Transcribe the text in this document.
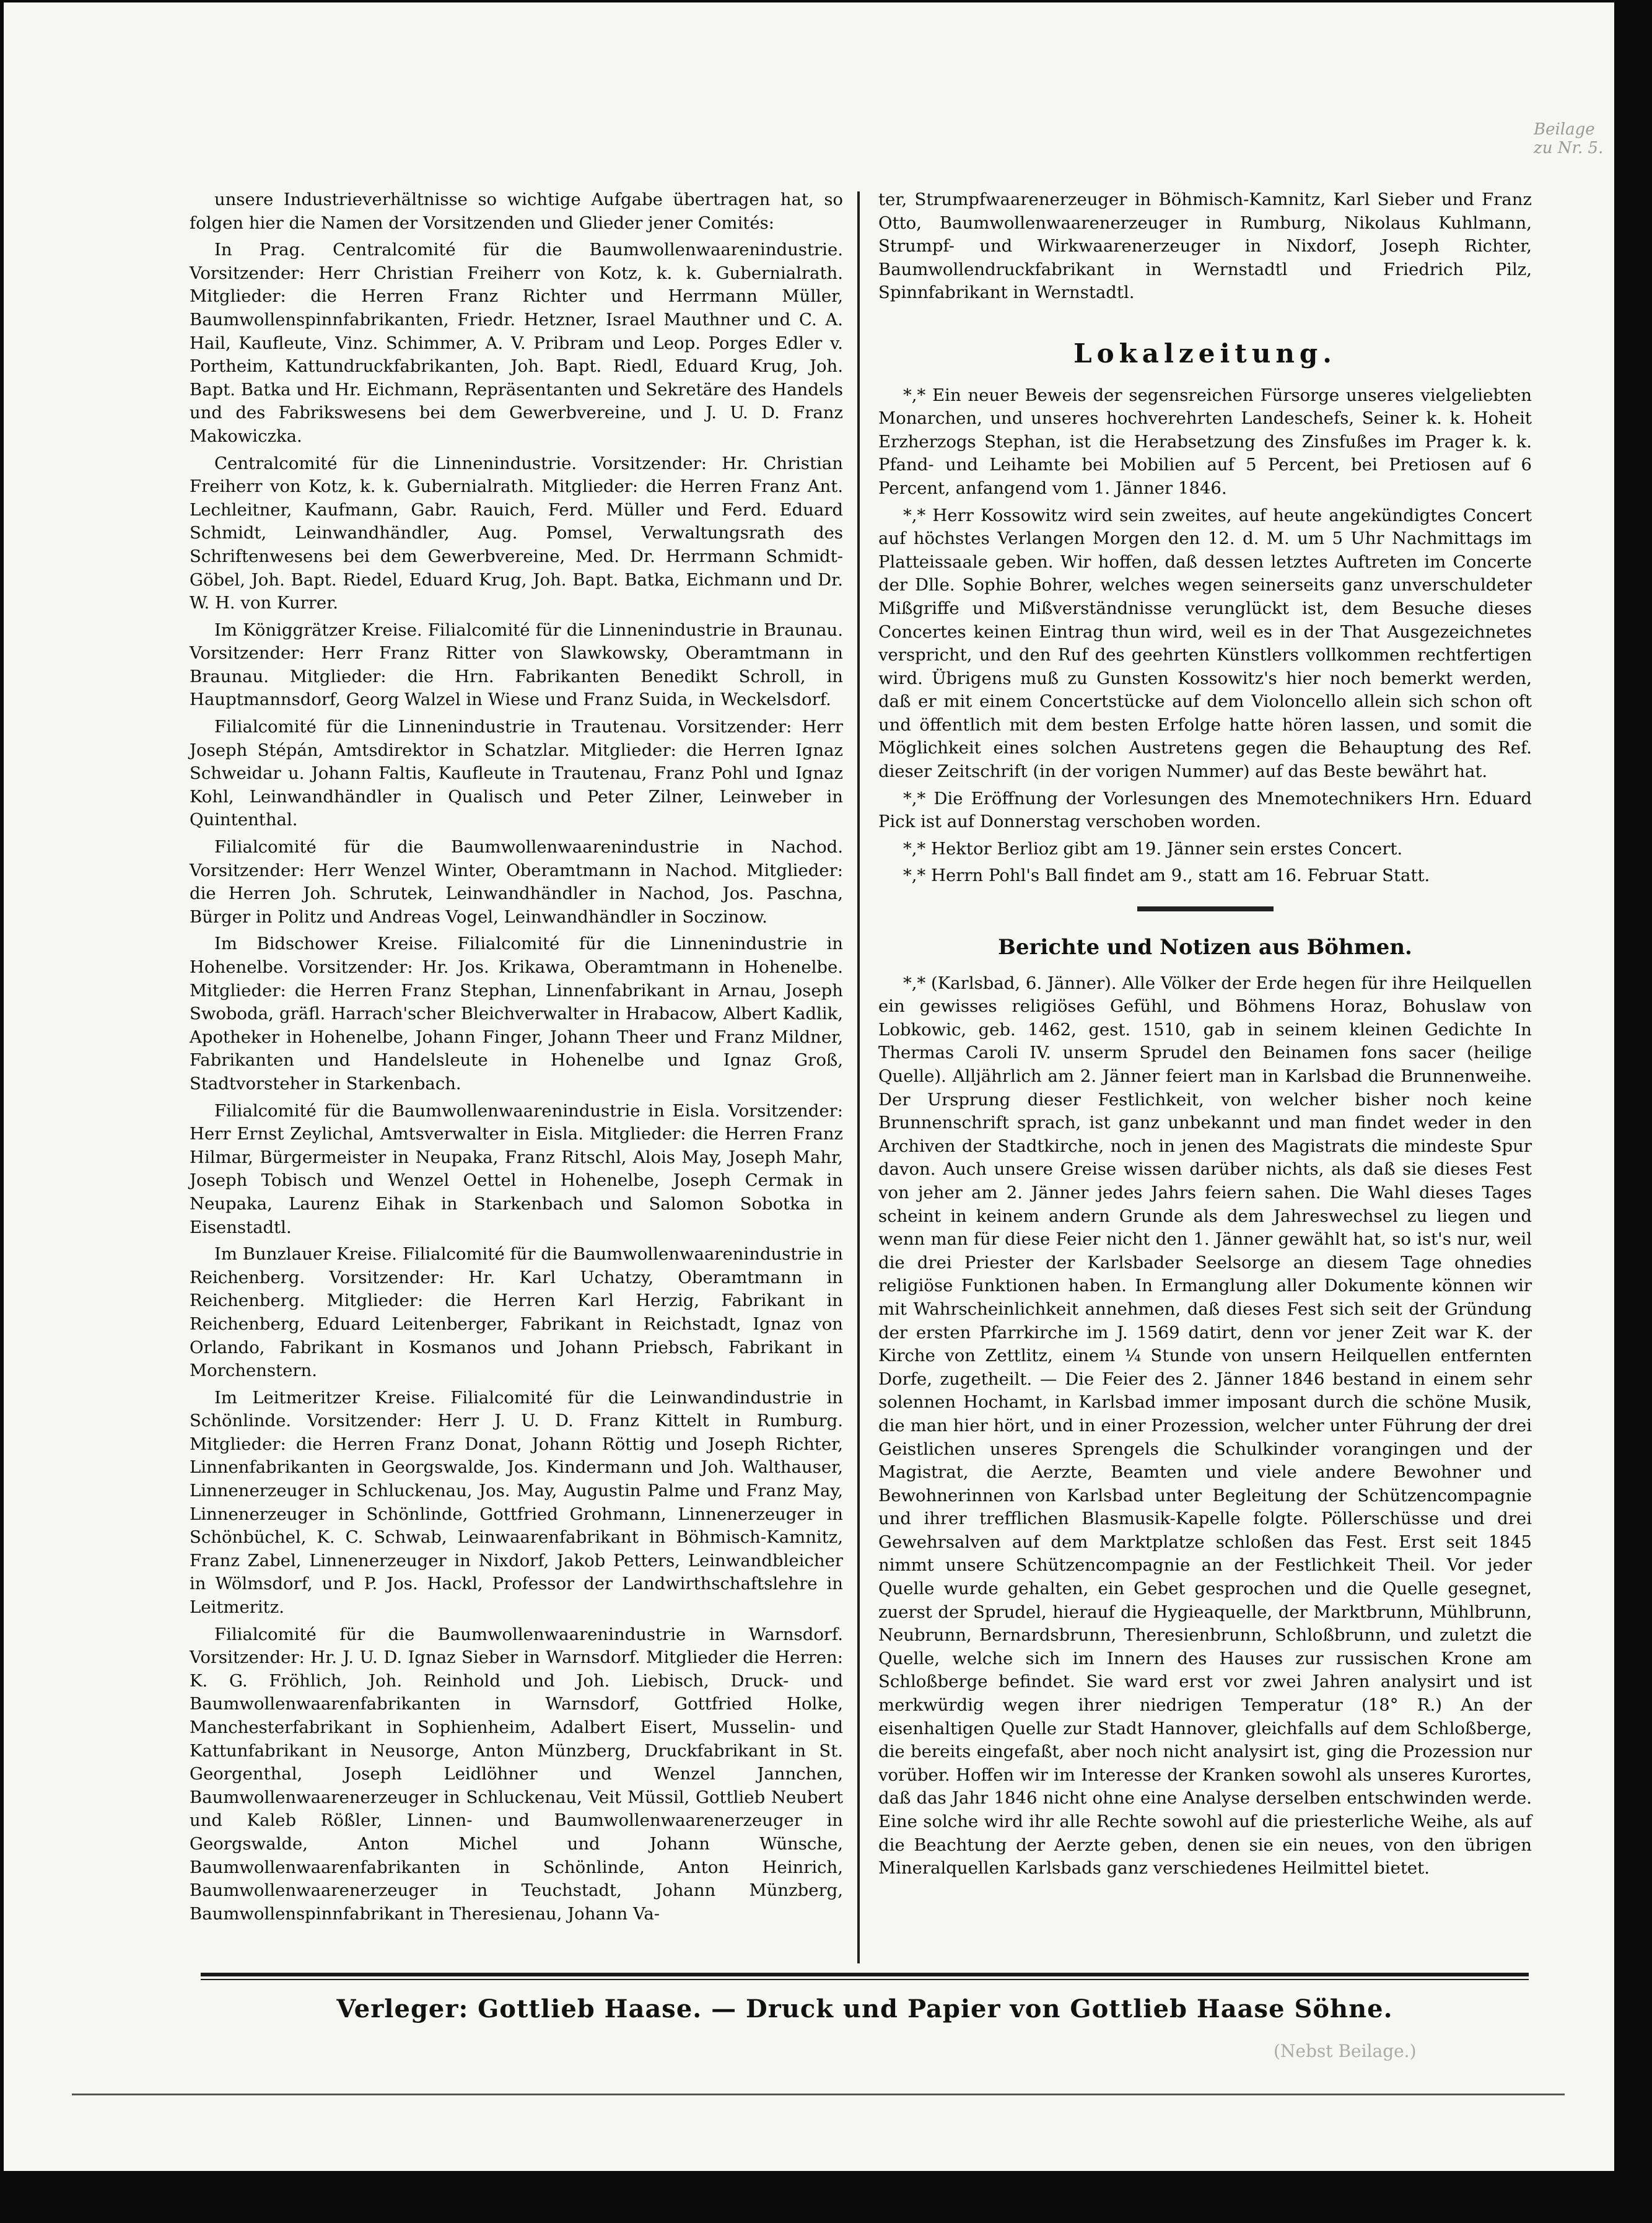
Beilage zu Nr. 5.

unsere Industrieverhältnisse so wichtige Aufgabe übertragen hat, so folgen hier die Namen der Vorsitzenden und Glieder jener Comités:

In Prag. Centralcomité für die Baumwollenwaarenindustrie. Vorsitzender: Herr Christian Freiherr von Kotz, k. k. Gubernialrath. Mitglieder: die Herren Franz Richter und Herrmann Müller, Baumwollenspinnfabrikanten, Friedr. Hetzner, Israel Mauthner und C. A. Hail, Kaufleute, Vinz. Schimmer, A. V. Pribram und Leop. Porges Edler v. Portheim, Kattundruckfabrikanten, Joh. Bapt. Riedl, Eduard Krug, Joh. Bapt. Batka und Hr. Eichmann, Repräsentanten und Sekretäre des Handels und des Fabrikswesens bei dem Gewerbvereine, und J. U. D. Franz Makowiczka.

Centralcomité für die Linnenindustrie. Vorsitzender: Hr. Christian Freiherr von Kotz, k. k. Gubernialrath. Mitglieder: die Herren Franz Ant. Lechleitner, Kaufmann, Gabr. Rauich, Ferd. Müller und Ferd. Eduard Schmidt, Leinwandhändler, Aug. Pomsel, Verwaltungsrath des Schriftenwesens bei dem Gewerbvereine, Med. Dr. Herrmann Schmidt-Göbel, Joh. Bapt. Riedel, Eduard Krug, Joh. Bapt. Batka, Eichmann und Dr. W. H. von Kurrer.

Im Königgrätzer Kreise. Filialcomité für die Linnenindustrie in Braunau. Vorsitzender: Herr Franz Ritter von Slawkowsky, Oberamtmann in Braunau. Mitglieder: die Hrn. Fabrikanten Benedikt Schroll, in Hauptmannsdorf, Georg Walzel in Wiese und Franz Suida, in Weckelsdorf.

Filialcomité für die Linnenindustrie in Trautenau. Vorsitzender: Herr Joseph Stépán, Amtsdirektor in Schatzlar. Mitglieder: die Herren Ignaz Schweidar u. Johann Faltis, Kaufleute in Trautenau, Franz Pohl und Ignaz Kohl, Leinwandhändler in Qualisch und Peter Zilner, Leinweber in Quintenthal.

Filialcomité für die Baumwollenwaarenindustrie in Nachod. Vorsitzender: Herr Wenzel Winter, Oberamtmann in Nachod. Mitglieder: die Herren Joh. Schrutek, Leinwandhändler in Nachod, Jos. Paschna, Bürger in Politz und Andreas Vogel, Leinwandhändler in Soczinow.

Im Bidschower Kreise. Filialcomité für die Linnenindustrie in Hohenelbe. Vorsitzender: Hr. Jos. Krikawa, Oberamtmann in Hohenelbe. Mitglieder: die Herren Franz Stephan, Linnenfabrikant in Arnau, Joseph Swoboda, gräfl. Harrach'scher Bleichverwalter in Hrabacow, Albert Kadlik, Apotheker in Hohenelbe, Johann Finger, Johann Theer und Franz Mildner, Fabrikanten und Handelsleute in Hohenelbe und Ignaz Groß, Stadtvorsteher in Starkenbach.

Filialcomité für die Baumwollenwaarenindustrie in Eisla. Vorsitzender: Herr Ernst Zeylichal, Amtsverwalter in Eisla. Mitglieder: die Herren Franz Hilmar, Bürgermeister in Neupaka, Franz Ritschl, Alois May, Joseph Mahr, Joseph Tobisch und Wenzel Oettel in Hohenelbe, Joseph Cermak in Neupaka, Laurenz Eihak in Starkenbach und Salomon Sobotka in Eisenstadtl.

Im Bunzlauer Kreise. Filialcomité für die Baumwollenwaarenindustrie in Reichenberg. Vorsitzender: Hr. Karl Uchatzy, Oberamtmann in Reichenberg. Mitglieder: die Herren Karl Herzig, Fabrikant in Reichenberg, Eduard Leitenberger, Fabrikant in Reichstadt, Ignaz von Orlando, Fabrikant in Kosmanos und Johann Priebsch, Fabrikant in Morchenstern.

Im Leitmeritzer Kreise. Filialcomité für die Leinwandindustrie in Schönlinde. Vorsitzender: Herr J. U. D. Franz Kittelt in Rumburg. Mitglieder: die Herren Franz Donat, Johann Röttig und Joseph Richter, Linnenfabrikanten in Georgswalde, Jos. Kindermann und Joh. Walthauser, Linnenerzeuger in Schluckenau, Jos. May, Augustin Palme und Franz May, Linnenerzeuger in Schönlinde, Gottfried Grohmann, Linnenerzeuger in Schönbüchel, K. C. Schwab, Leinwaarenfabrikant in Böhmisch-Kamnitz, Franz Zabel, Linnenerzeuger in Nixdorf, Jakob Petters, Leinwandbleicher in Wölmsdorf, und P. Jos. Hackl, Professor der Landwirthschaftslehre in Leitmeritz.

Filialcomité für die Baumwollenwaarenindustrie in Warnsdorf. Vorsitzender: Hr. J. U. D. Ignaz Sieber in Warnsdorf. Mitglieder die Herren: K. G. Fröhlich, Joh. Reinhold und Joh. Liebisch, Druck- und Baumwollenwaarenfabrikanten in Warnsdorf, Gottfried Holke, Manchesterfabrikant in Sophienheim, Adalbert Eisert, Musselin- und Kattunfabrikant in Neusorge, Anton Münzberg, Druckfabrikant in St. Georgenthal, Joseph Leidlöhner und Wenzel Jannchen, Baumwollenwaarenerzeuger in Schluckenau, Veit Müssil, Gottlieb Neubert und Kaleb Rößler, Linnen- und Baumwollenwaarenerzeuger in Georgswalde, Anton Michel und Johann Wünsche, Baumwollenwaarenfabrikanten in Schönlinde, Anton Heinrich, Baumwollenwaarenerzeuger in Teuchstadt, Johann Münzberg, Baumwollenspinnfabrikant in Theresienau, Johann Va-

ter, Strumpfwaarenerzeuger in Böhmisch-Kamnitz, Karl Sieber und Franz Otto, Baumwollenwaarenerzeuger in Rumburg, Nikolaus Kuhlmann, Strumpf- und Wirkwaarenerzeuger in Nixdorf, Joseph Richter, Baumwollendruckfabrikant in Wernstadtl und Friedrich Pilz, Spinnfabrikant in Wernstadtl.

Lokalzeitung.

*,* Ein neuer Beweis der segensreichen Fürsorge unseres vielgeliebten Monarchen, und unseres hochverehrten Landeschefs, Seiner k. k. Hoheit Erzherzogs Stephan, ist die Herabsetzung des Zinsfußes im Prager k. k. Pfand- und Leihamte bei Mobilien auf 5 Percent, bei Pretiosen auf 6 Percent, anfangend vom 1. Jänner 1846.

*,* Herr Kossowitz wird sein zweites, auf heute angekündigtes Concert auf höchstes Verlangen Morgen den 12. d. M. um 5 Uhr Nachmittags im Platteissaale geben. Wir hoffen, daß dessen letztes Auftreten im Concerte der Dlle. Sophie Bohrer, welches wegen seinerseits ganz unverschuldeter Mißgriffe und Mißverständnisse verunglückt ist, dem Besuche dieses Concertes keinen Eintrag thun wird, weil es in der That Ausgezeichnetes verspricht, und den Ruf des geehrten Künstlers vollkommen rechtfertigen wird. Übrigens muß zu Gunsten Kossowitz's hier noch bemerkt werden, daß er mit einem Concertstücke auf dem Violoncello allein sich schon oft und öffentlich mit dem besten Erfolge hatte hören lassen, und somit die Möglichkeit eines solchen Austretens gegen die Behauptung des Ref. dieser Zeitschrift (in der vorigen Nummer) auf das Beste bewährt hat.

*,* Die Eröffnung der Vorlesungen des Mnemotechnikers Hrn. Eduard Pick ist auf Donnerstag verschoben worden.

*,* Hektor Berlioz gibt am 19. Jänner sein erstes Concert.

*,* Herrn Pohl's Ball findet am 9., statt am 16. Februar Statt.

Berichte und Notizen aus Böhmen.

*,* (Karlsbad, 6. Jänner). Alle Völker der Erde hegen für ihre Heilquellen ein gewisses religiöses Gefühl, und Böhmens Horaz, Bohuslaw von Lobkowic, geb. 1462, gest. 1510, gab in seinem kleinen Gedichte In Thermas Caroli IV. unserm Sprudel den Beinamen fons sacer (heilige Quelle). Alljährlich am 2. Jänner feiert man in Karlsbad die Brunnenweihe. Der Ursprung dieser Festlichkeit, von welcher bisher noch keine Brunnenschrift sprach, ist ganz unbekannt und man findet weder in den Archiven der Stadtkirche, noch in jenen des Magistrats die mindeste Spur davon. Auch unsere Greise wissen darüber nichts, als daß sie dieses Fest von jeher am 2. Jänner jedes Jahrs feiern sahen. Die Wahl dieses Tages scheint in keinem andern Grunde als dem Jahreswechsel zu liegen und wenn man für diese Feier nicht den 1. Jänner gewählt hat, so ist's nur, weil die drei Priester der Karlsbader Seelsorge an diesem Tage ohnedies religiöse Funktionen haben. In Ermanglung aller Dokumente können wir mit Wahrscheinlichkeit annehmen, daß dieses Fest sich seit der Gründung der ersten Pfarrkirche im J. 1569 datirt, denn vor jener Zeit war K. der Kirche von Zettlitz, einem ¼ Stunde von unsern Heilquellen entfernten Dorfe, zugetheilt. — Die Feier des 2. Jänner 1846 bestand in einem sehr solennen Hochamt, in Karlsbad immer imposant durch die schöne Musik, die man hier hört, und in einer Prozession, welcher unter Führung der drei Geistlichen unseres Sprengels die Schulkinder vorangingen und der Magistrat, die Aerzte, Beamten und viele andere Bewohner und Bewohnerinnen von Karlsbad unter Begleitung der Schützencompagnie und ihrer trefflichen Blasmusik-Kapelle folgte. Pöllerschüsse und drei Gewehrsalven auf dem Marktplatze schloßen das Fest. Erst seit 1845 nimmt unsere Schützencompagnie an der Festlichkeit Theil. Vor jeder Quelle wurde gehalten, ein Gebet gesprochen und die Quelle gesegnet, zuerst der Sprudel, hierauf die Hygieaquelle, der Marktbrunn, Mühlbrunn, Neubrunn, Bernardsbrunn, Theresienbrunn, Schloßbrunn, und zuletzt die Quelle, welche sich im Innern des Hauses zur russischen Krone am Schloßberge befindet. Sie ward erst vor zwei Jahren analysirt und ist merkwürdig wegen ihrer niedrigen Temperatur (18° R.) An der eisenhaltigen Quelle zur Stadt Hannover, gleichfalls auf dem Schloßberge, die bereits eingefaßt, aber noch nicht analysirt ist, ging die Prozession nur vorüber. Hoffen wir im Interesse der Kranken sowohl als unseres Kurortes, daß das Jahr 1846 nicht ohne eine Analyse derselben entschwinden werde. Eine solche wird ihr alle Rechte sowohl auf die priesterliche Weihe, als auf die Beachtung der Aerzte geben, denen sie ein neues, von den übrigen Mineralquellen Karlsbads ganz verschiedenes Heilmittel bietet.

Verleger: Gottlieb Haase. — Druck und Papier von Gottlieb Haase Söhne.
(Nebst Beilage.)
